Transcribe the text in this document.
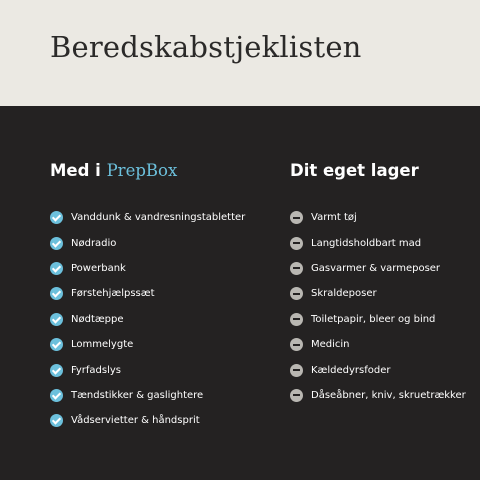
Beredskabstjeklisten
Med i PrepBox
Vanddunk & vandresningstabletter
Nødradio
Powerbank
Førstehjælpssæt
Nødtæppe
Lommelygte
Fyrfadslys
Tændstikker & gaslightere
Vådservietter & håndsprit
Dit eget lager
Varmt tøj
Langtidsholdbart mad
Gasvarmer & varmeposer
Skraldeposer
Toiletpapir, bleer og bind
Medicin
Kældedyrsfoder
Dåseåbner, kniv, skruetrækker
